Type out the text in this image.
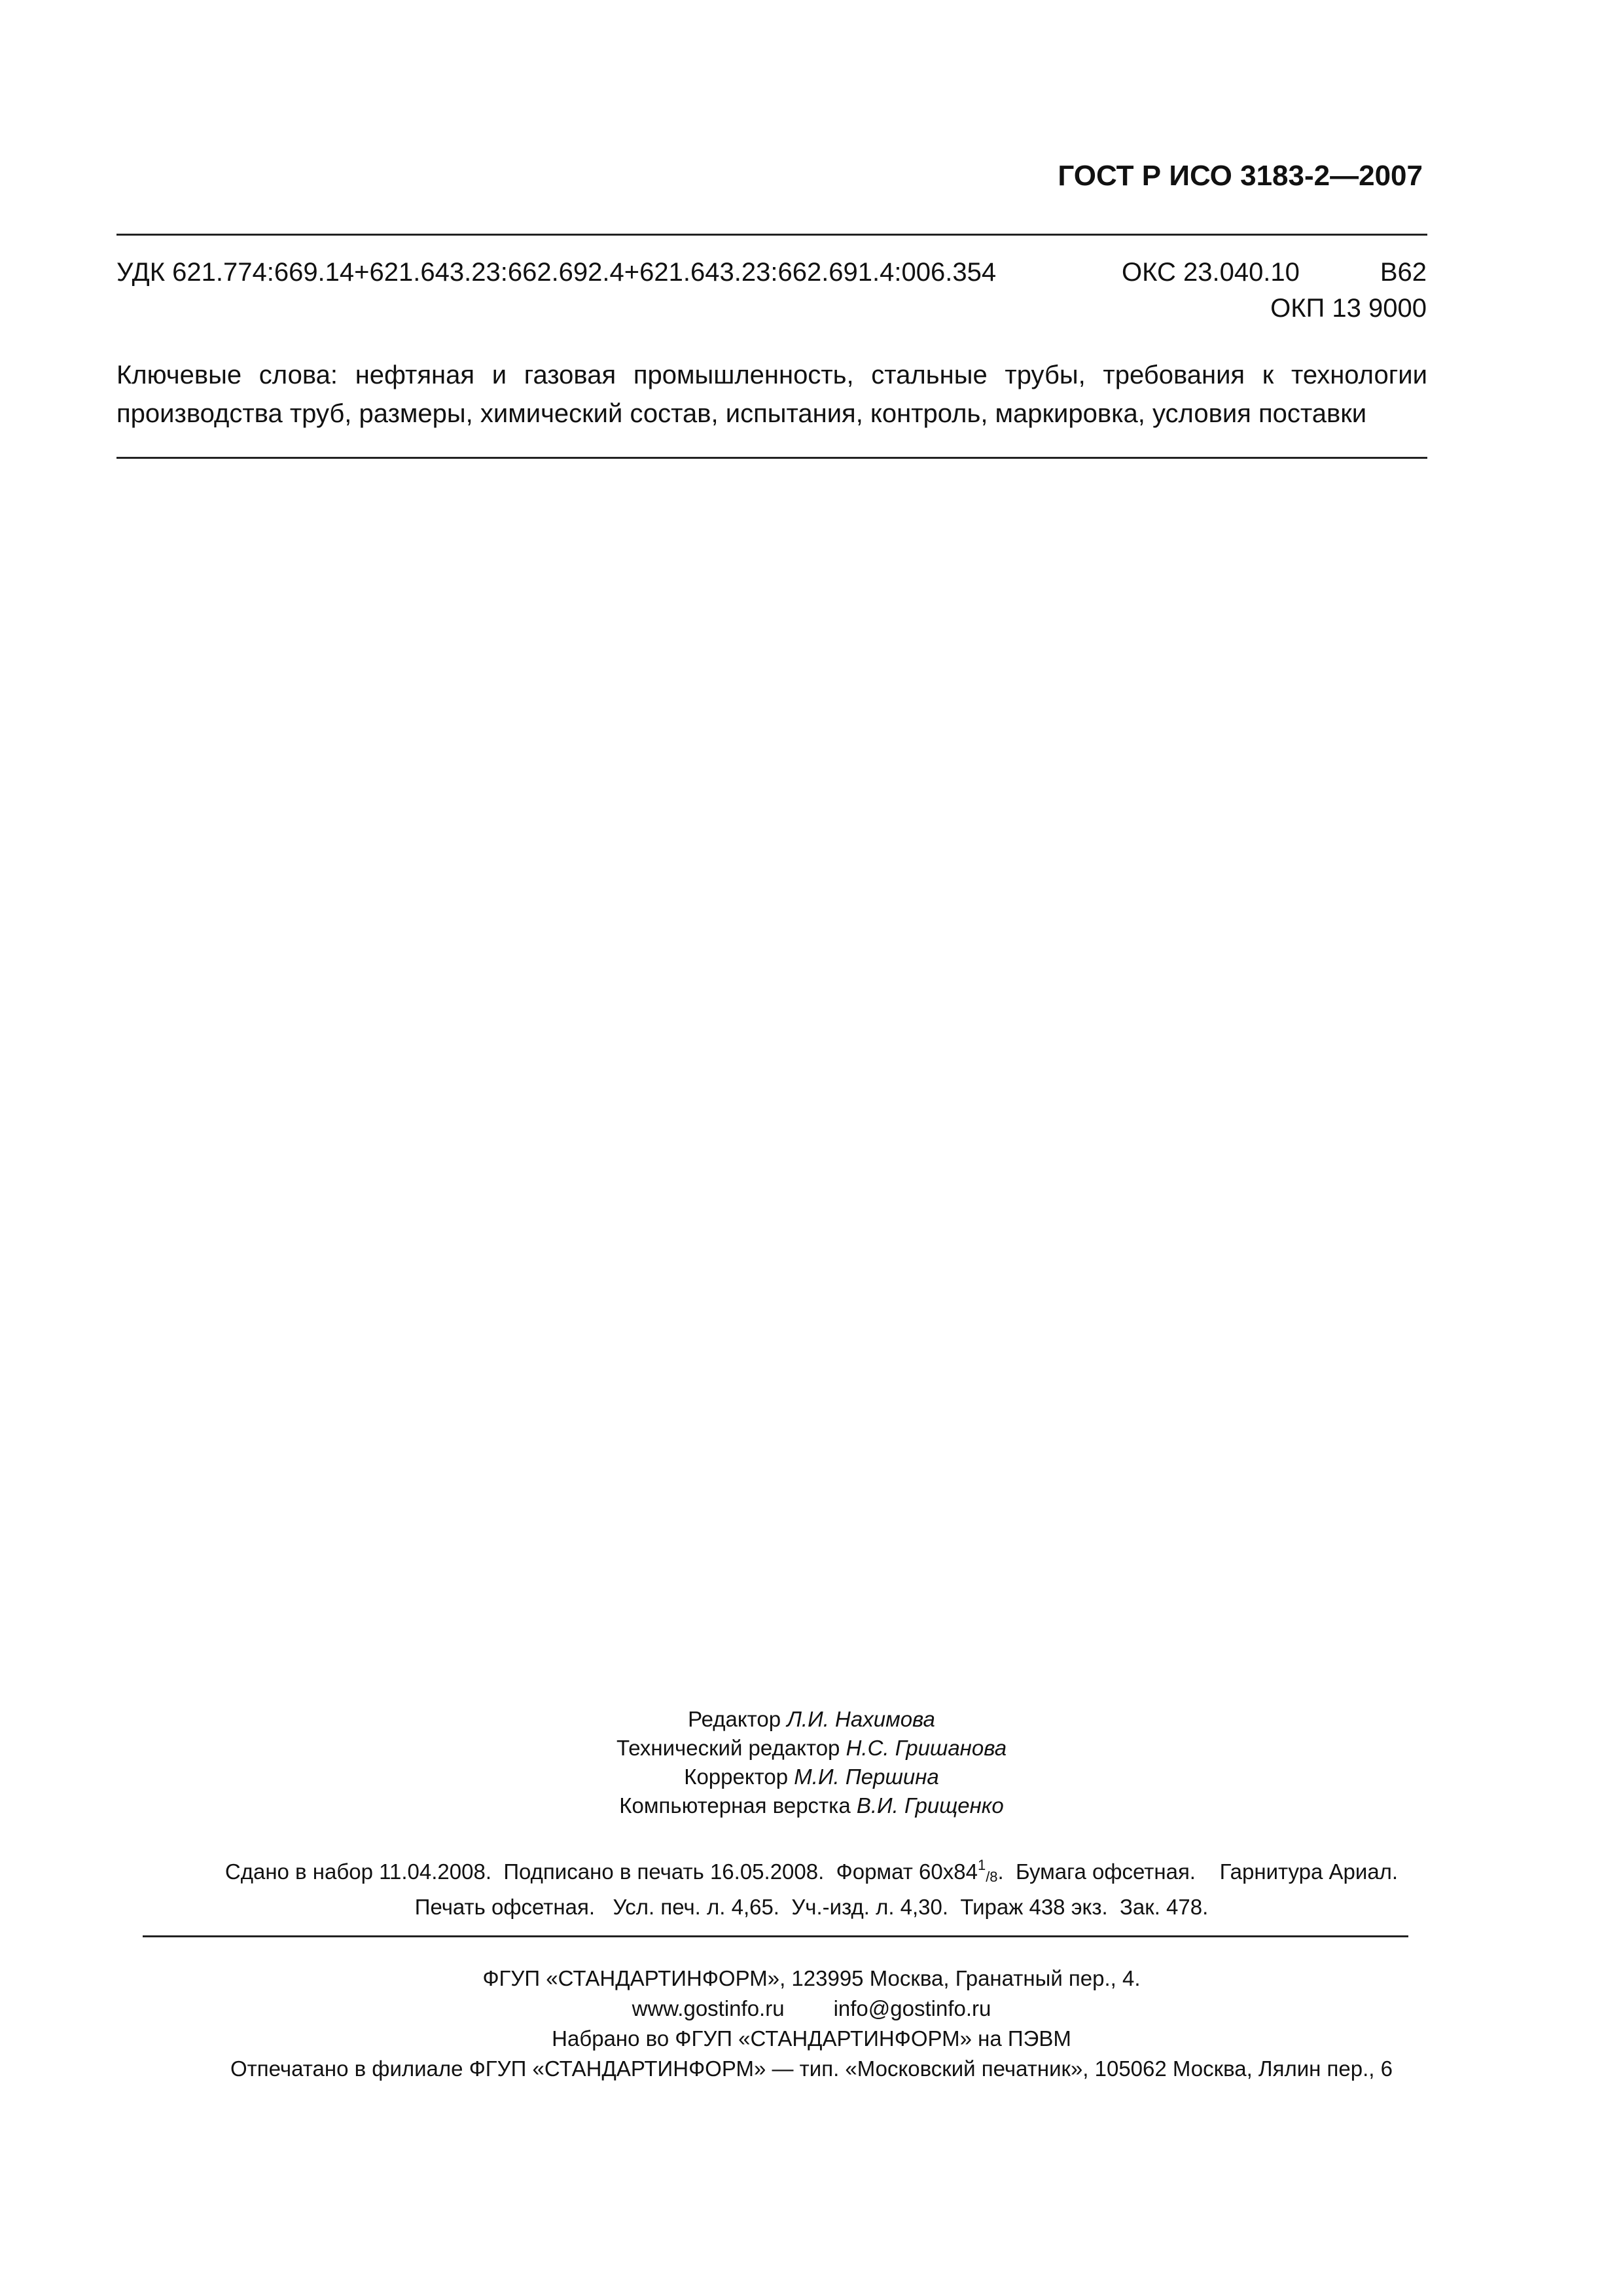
ГОСТ Р ИСО 3183-2—2007
УДК 621.774:669.14+621.643.23:662.692.4+621.643.23:662.691.4:006.354	ОКС 23.040.10	В62
ОКП 13 9000
Ключевые слова: нефтяная и газовая промышленность, стальные трубы, требования к технологии производства труб, размеры, химический состав, испытания, контроль, маркировка, условия поставки
Редактор Л.И. Нахимова
Технический редактор Н.С. Гришанова
Корректор М.И. Першина
Компьютерная верстка В.И. Грищенко
Сдано в набор 11.04.2008.  Подписано в печать 16.05.2008.  Формат $60х84^1_{/8}$.  Бумага офсетная.    Гарнитура Ариал.
Печать офсетная.   Усл. печ. л. 4,65.  Уч.-изд. л. 4,30.  Тираж 438 экз.  Зак. 478.
ФГУП «СТАНДАРТИНФОРМ», 123995 Москва, Гранатный пер., 4.
www.gostinfo.ru info@gostinfo.ru
Набрано во ФГУП «СТАНДАРТИНФОРМ» на ПЭВМ
Отпечатано в филиале ФГУП «СТАНДАРТИНФОРМ» — тип. «Московский печатник», 105062 Москва, Лялин пер., 6
